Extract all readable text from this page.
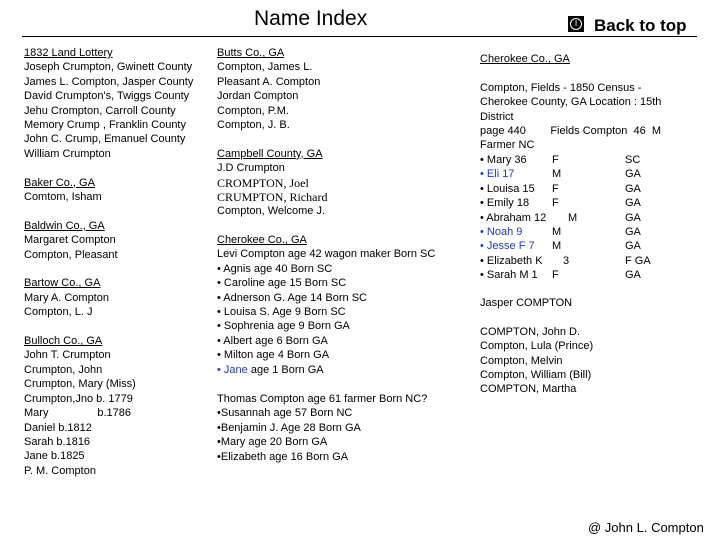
Name Index	Ⅰ Back to top
1832 Land Lottery
Joseph Crumpton, Gwinett County
James L. Compton, Jasper County
David Crumpton's, Twiggs County
Jehu Crompton, Carroll County
Memory Crump , Franklin County
John C. Crump, Emanuel County
William Crumpton
Baker Co., GA
Comtom, Isham
Baldwin Co., GA
Margaret Compton
Compton, Pleasant
Bartow Co., GA
Mary A. Compton
Compton, L. J
Bulloch Co., GA
John T. Crumpton
Crumpton, John
Crumpton, Mary (Miss)
Crumpton,Jno b. 1779
Mary                b.1786
Daniel b.1812
Sarah b.1816
Jane b.1825
P. M. Compton
Butts Co., GA
Compton, James L.
Pleasant A. Compton
Jordan Compton
Compton, P.M.
Compton, J. B.
Campbell County, GA
J.D Crumpton
CROMPTON, Joel
CRUMPTON, Richard
Compton, Welcome J.
Cherokee Co., GA
Levi Compton age 42 wagon maker Born SC
• Agnis age 40 Born SC
• Caroline age 15 Born SC
• Adnerson G. Age 14 Born SC
• Louisa S. Age 9 Born SC
• Sophrenia age 9 Born GA
• Albert age 6 Born GA
• Milton age 4 Born GA
• Jane age 1 Born GA
Thomas Compton age 61 farmer Born NC?
•Susannah age 57 Born NC
•Benjamin J. Age 28 Born GA
•Mary age 20 Born GA
•Elizabeth age 16 Born GA
Cherokee Co., GA
Compton, Fields - 1850 Census -
Cherokee County, GA Location : 15th
District
page 440        Fields Compton  46  M
Farmer NC
• Mary 36 F	SC
• Eli 17	M	GA
• Louisa 15 F	GA
• Emily 18 F	GA
• Abraham 12 M	GA
• Noah 9	M	GA
• Jesse F 7 M	GA
• Elizabeth K 3	F GA
• Sarah M 1 F	GA
Jasper COMPTON
COMPTON, John D.
Compton, Lula (Prince)
Compton, Melvin
Compton, William (Bill)
COMPTON, Martha
@ John L. Compton
